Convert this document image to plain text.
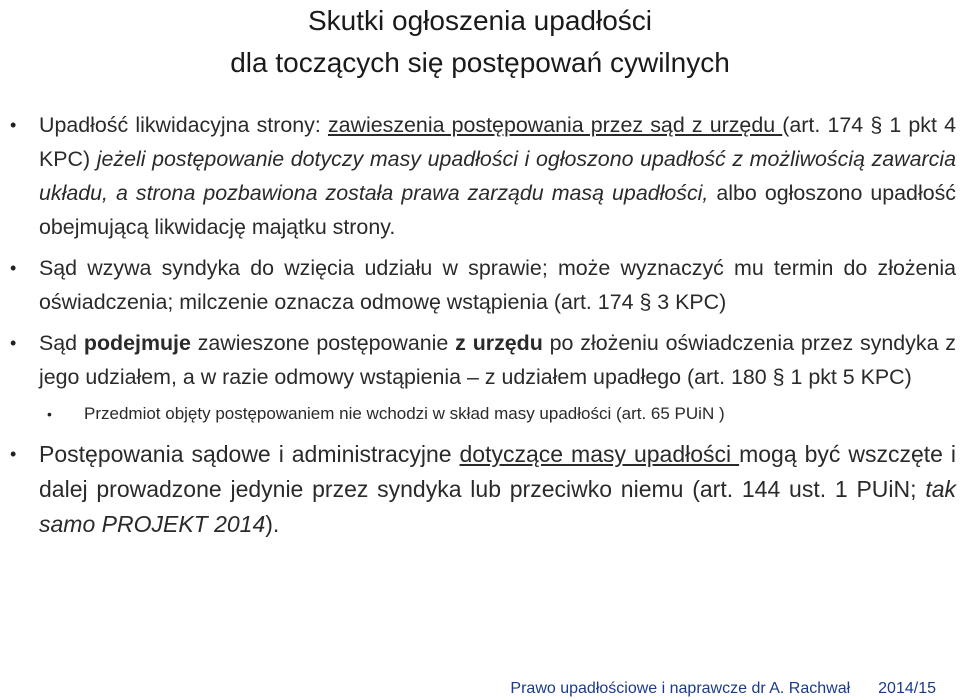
Skutki ogłoszenia upadłości
dla toczących się postępowań cywilnych
• Upadłość likwidacyjna strony: zawieszenia postępowania przez sąd z urzędu (art. 174 § 1 pkt 4 KPC) jeżeli postępowanie dotyczy masy upadłości i ogłoszono upadłość z możliwością zawarcia układu, a strona pozbawiona została prawa zarządu masą upadłości, albo ogłoszono upadłość obejmującą likwidację majątku strony.
• Sąd wzywa syndyka do wzięcia udziału w sprawie; może wyznaczyć mu termin do złożenia oświadczenia; milczenie oznacza odmowę wstąpienia (art. 174 § 3 KPC)
• Sąd podejmuje zawieszone postępowanie z urzędu po złożeniu oświadczenia przez syndyka z jego udziałem, a w razie odmowy wstąpienia – z udziałem upadłego (art. 180 § 1 pkt 5 KPC)
• Przedmiot objęty postępowaniem nie wchodzi w skład masy upadłości (art. 65 PUiN )
• Postępowania sądowe i administracyjne dotyczące masy upadłości mogą być wszczęte i dalej prowadzone jedynie przez syndyka lub przeciwko niemu (art. 144 ust. 1 PUiN; tak samo PROJEKT 2014).
Prawo upadłościowe i naprawcze dr A. Rachwał 2014/15
